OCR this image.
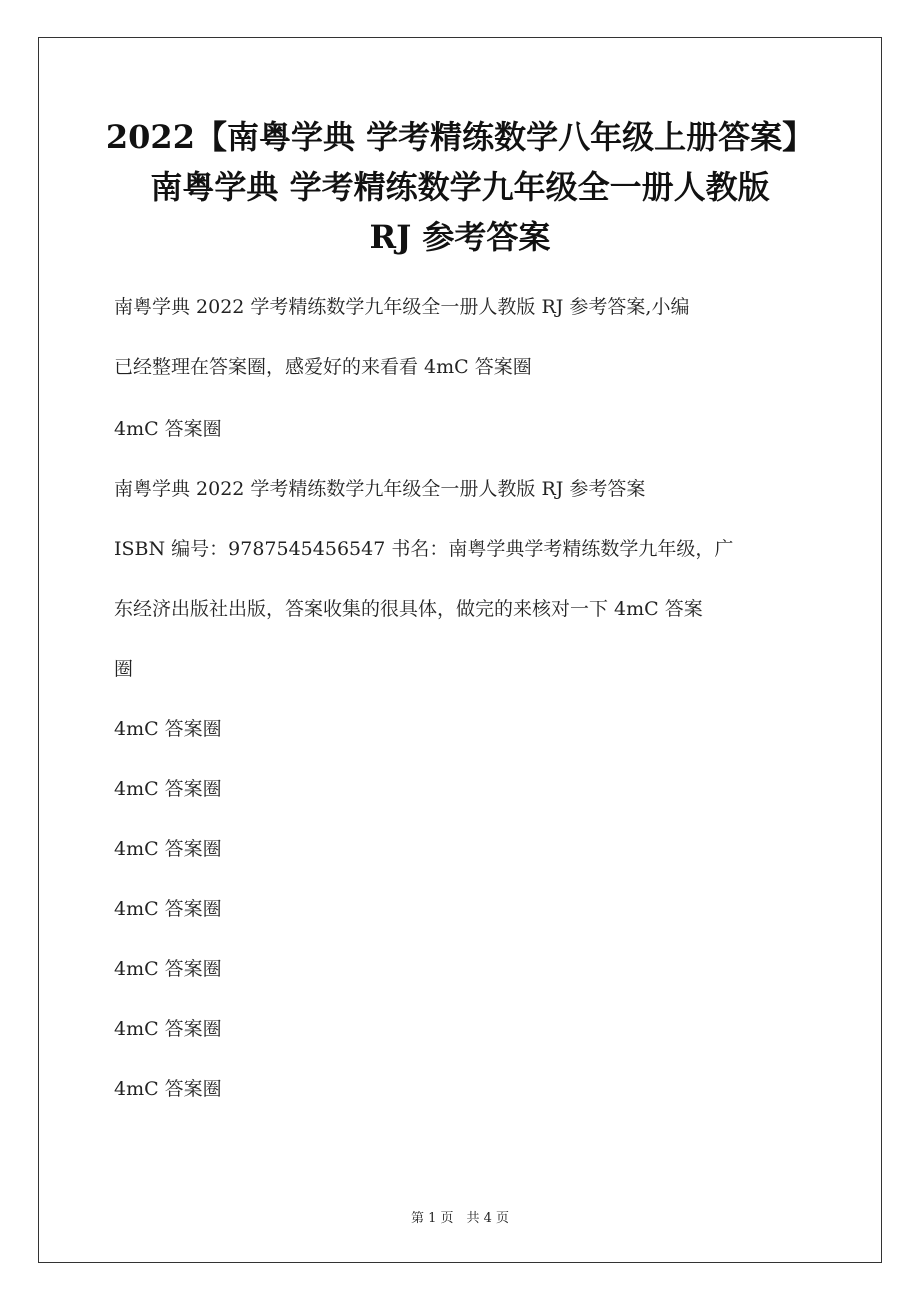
2022【南粤学典 学考精练数学八年级上册答案】
南粤学典 学考精练数学九年级全一册人教版
RJ 参考答案
南粤学典 2022 学考精练数学九年级全一册人教版 RJ 参考答案,小编
已经整理在答案圈，感爱好的来看看 4mC 答案圈
4mC 答案圈
南粤学典 2022 学考精练数学九年级全一册人教版 RJ 参考答案
ISBN 编号：9787545456547 书名：南粤学典学考精练数学九年级，广
东经济出版社出版，答案收集的很具体，做完的来核对一下 4mC 答案
圈
4mC 答案圈
4mC 答案圈
4mC 答案圈
4mC 答案圈
4mC 答案圈
4mC 答案圈
4mC 答案圈
第 1 页　共 4 页
